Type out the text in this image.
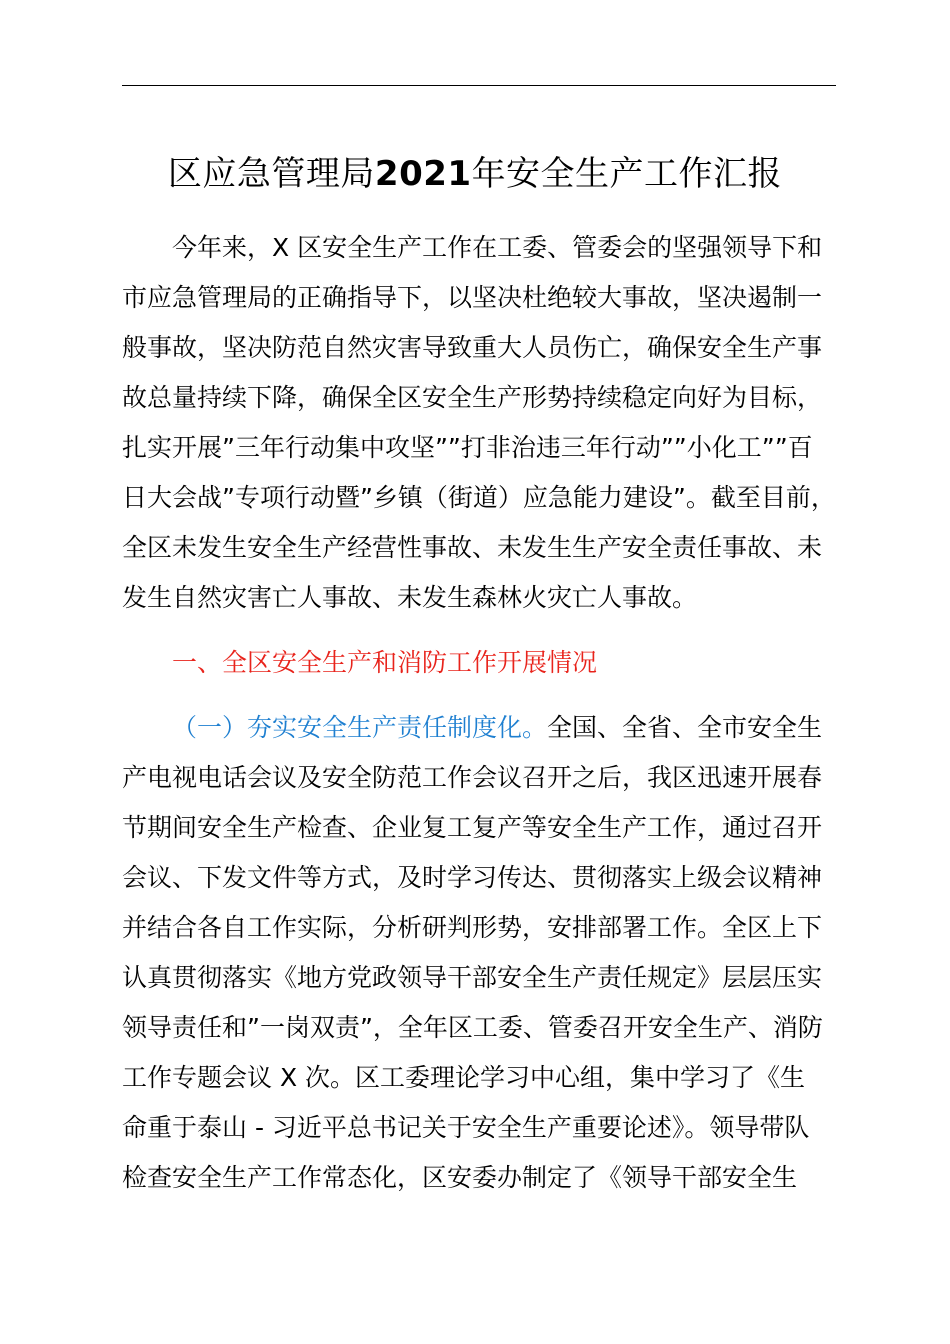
区应急管理局2021年安全生产工作汇报
今年来，X 区安全生产工作在工委、管委会的坚强领导下和
市应急管理局的正确指导下，以坚决杜绝较大事故，坚决遏制一
般事故，坚决防范自然灾害导致重大人员伤亡，确保安全生产事
故总量持续下降，确保全区安全生产形势持续稳定向好为目标，
扎实开展”三年行动集中攻坚””打非治违三年行动””小化工””百
日大会战”专项行动暨”乡镇（街道）应急能力建设”。截至目前，
全区未发生安全生产经营性事故、未发生生产安全责任事故、未
发生自然灾害亡人事故、未发生森林火灾亡人事故。
一、全区安全生产和消防工作开展情况
（一）夯实安全生产责任制度化。全国、全省、全市安全生
产电视电话会议及安全防范工作会议召开之后，我区迅速开展春
节期间安全生产检查、企业复工复产等安全生产工作，通过召开
会议、下发文件等方式，及时学习传达、贯彻落实上级会议精神
并结合各自工作实际，分析研判形势，安排部署工作。全区上下
认真贯彻落实《地方党政领导干部安全生产责任规定》层层压实
领导责任和”一岗双责”，全年区工委、管委召开安全生产、消防
工作专题会议 X 次。区工委理论学习中心组，集中学习了《生
命重于泰山 - 习近平总书记关于安全生产重要论述》。领导带队
检查安全生产工作常态化，区安委办制定了《领导干部安全生
